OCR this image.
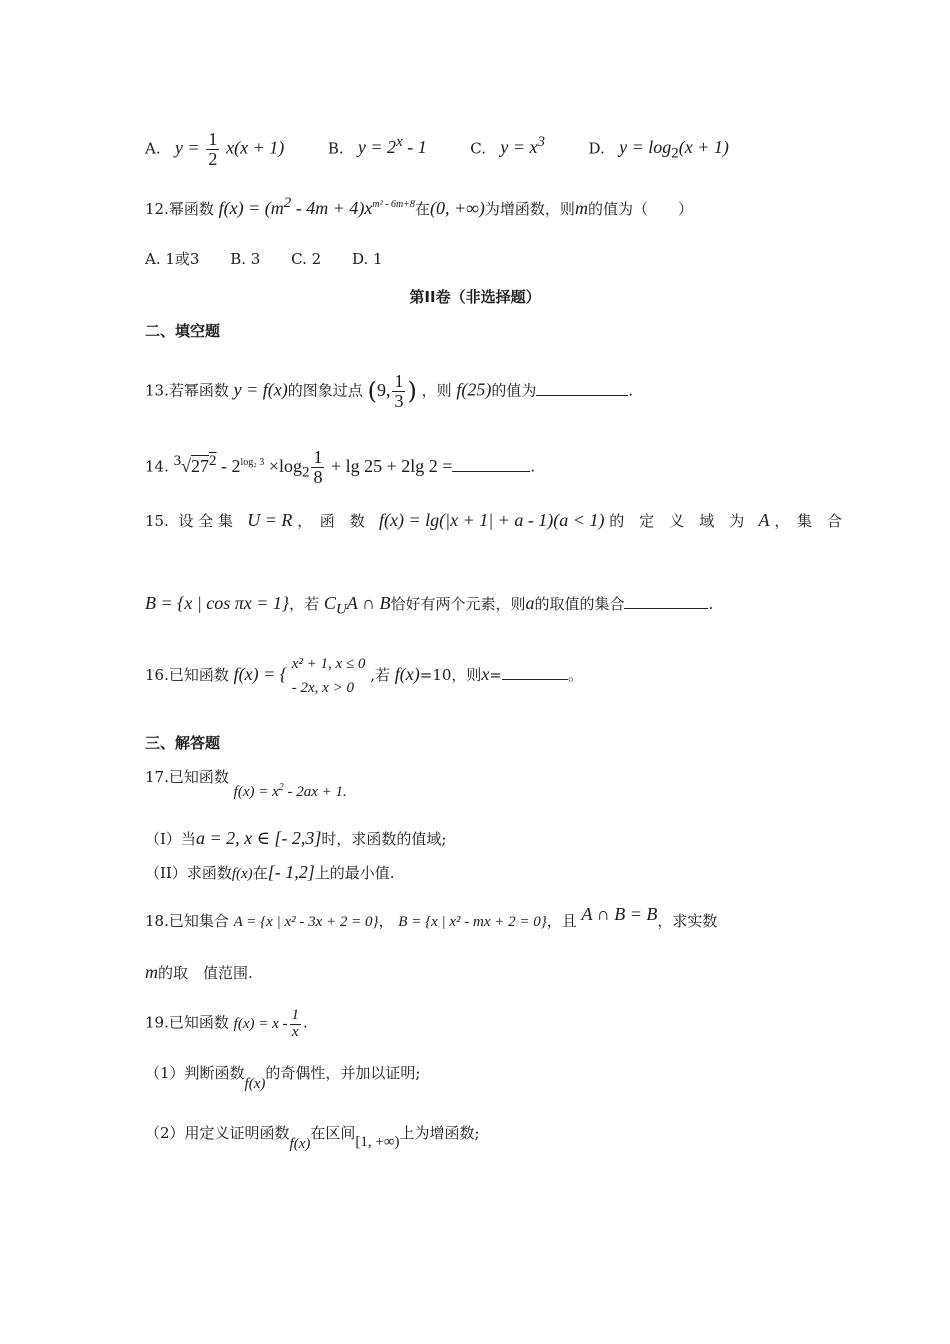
A. $y = \frac{1}{2} x(x + 1)$	B. $y = 2^x - 1$	C. $y = x^3$	D. $y = \log_2(x + 1)$
12.幂函数 $f(x) = (m^2 - 4m + 4)x^{m^2 - 6m+8}$在(0, +∞)为增函数，则m的值为（　　）
A. 1或3 B. 3 C. 2 D. 1
第II卷（非选择题）
二、填空题
13.若幂函数 y = f(x)的图象过点 (9, $\frac{1}{3}$ ) ，则 f(25)的值为	.
14. $^3√27^2 - 2^{log_2 3} \times\log_2 \frac{1}{8} + \lg 25 + 2\lg$ 2 =	.
15. 设 全 集 U = R ，　函　数 f(x) = lg(|x + 1| + a - 1)(a < 1) 的　定　义　域　为 A ，　集　合
B = {x | cos πx = 1}，若 $C_UA$ ∩ B恰好有两个元素，则a的取值的集合	.
16.已知函数 f(x) = { x² + 1, x ≤ 0
- 2x, x > 0
,若 f(x)=10，则x=	。
三、解答题
17.已知函数 $f(x) = x^2 - 2ax + 1$.
（I）当a = 2, x ∈ [- 2,3]时，求函数的值域;
（II）求函数f(x)在[- 1,2]上的最小值.
18.已知集合 A = {x | x² - 3x + 2 = 0}， B = {x | x² - mx + 2 = 0}，且 A ∩ B = B，求实数
m的取　值范围.
19.已知函数 $f(x) = x - \frac{1}{x}$ .
（1）判断函数f(x)的奇偶性，并加以证明;
（2）用定义证明函数f(x)在区间[1, +∞)上为增函数;
